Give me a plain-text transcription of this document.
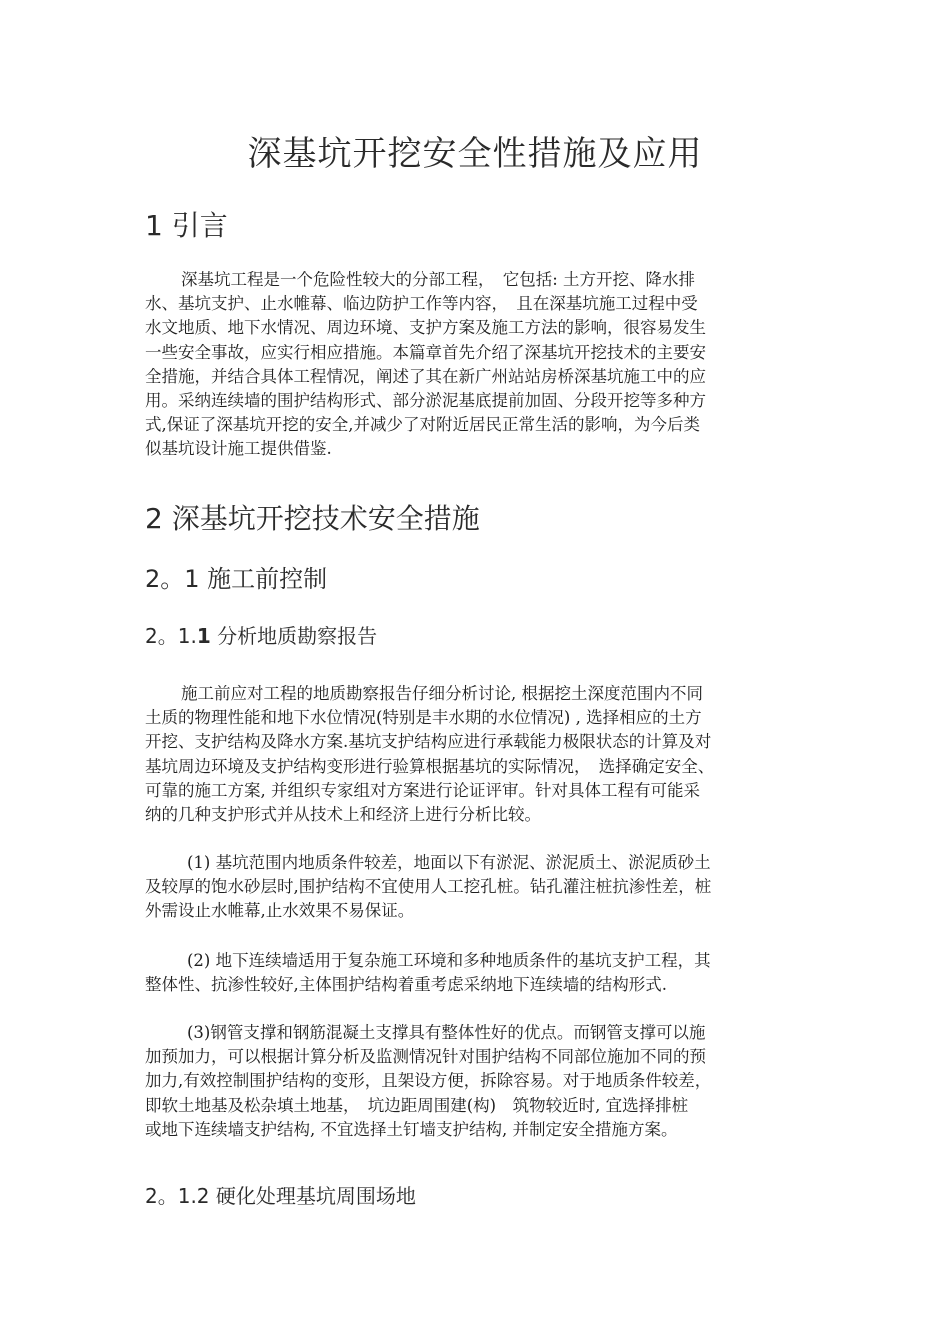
深基坑开挖安全性措施及应用
1 引言

深基坑工程是一个危险性较大的分部工程，　它包括: 土方开挖、降水排
水、基坑支护、止水帷幕、临边防护工作等内容，　且在深基坑施工过程中受
水文地质、地下水情况、周边环境、支护方案及施工方法的影响，很容易发生
一些安全事故，应实行相应措施。本篇章首先介绍了深基坑开挖技术的主要安
全措施，并结合具体工程情况，阐述了其在新广州站站房桥深基坑施工中的应
用。采纳连续墙的围护结构形式、部分淤泥基底提前加固、分段开挖等多种方
式,保证了深基坑开挖的安全,并减少了对附近居民正常生活的影响，为今后类
似基坑设计施工提供借鉴.

2 深基坑开挖技术安全措施
2。1 施工前控制
2。1.1 分析地质勘察报告

施工前应对工程的地质勘察报告仔细分析讨论, 根据挖土深度范围内不同
土质的物理性能和地下水位情况(特别是丰水期的水位情况) , 选择相应的土方
开挖、支护结构及降水方案.基坑支护结构应进行承载能力极限状态的计算及对
基坑周边环境及支护结构变形进行验算根据基坑的实际情况，　选择确定安全、
可靠的施工方案, 并组织专家组对方案进行论证评审。针对具体工程有可能采
纳的几种支护形式并从技术上和经济上进行分析比较。

(1) 基坑范围内地质条件较差，地面以下有淤泥、淤泥质土、淤泥质砂土
及较厚的饱水砂层时,围护结构不宜使用人工挖孔桩。钻孔灌注桩抗渗性差，桩
外需设止水帷幕,止水效果不易保证。

(2) 地下连续墙适用于复杂施工环境和多种地质条件的基坑支护工程，其
整体性、抗渗性较好,主体围护结构着重考虑采纳地下连续墙的结构形式.

(3)钢管支撑和钢筋混凝土支撑具有整体性好的优点。而钢管支撑可以施
加预加力，可以根据计算分析及监测情况针对围护结构不同部位施加不同的预
加力,有效控制围护结构的变形，且架设方便，拆除容易。对于地质条件较差，
即软土地基及松杂填土地基，　坑边距周围建(构)　筑物较近时, 宜选择排桩
或地下连续墙支护结构, 不宜选择土钉墙支护结构, 并制定安全措施方案。

2。1.2 硬化处理基坑周围场地
